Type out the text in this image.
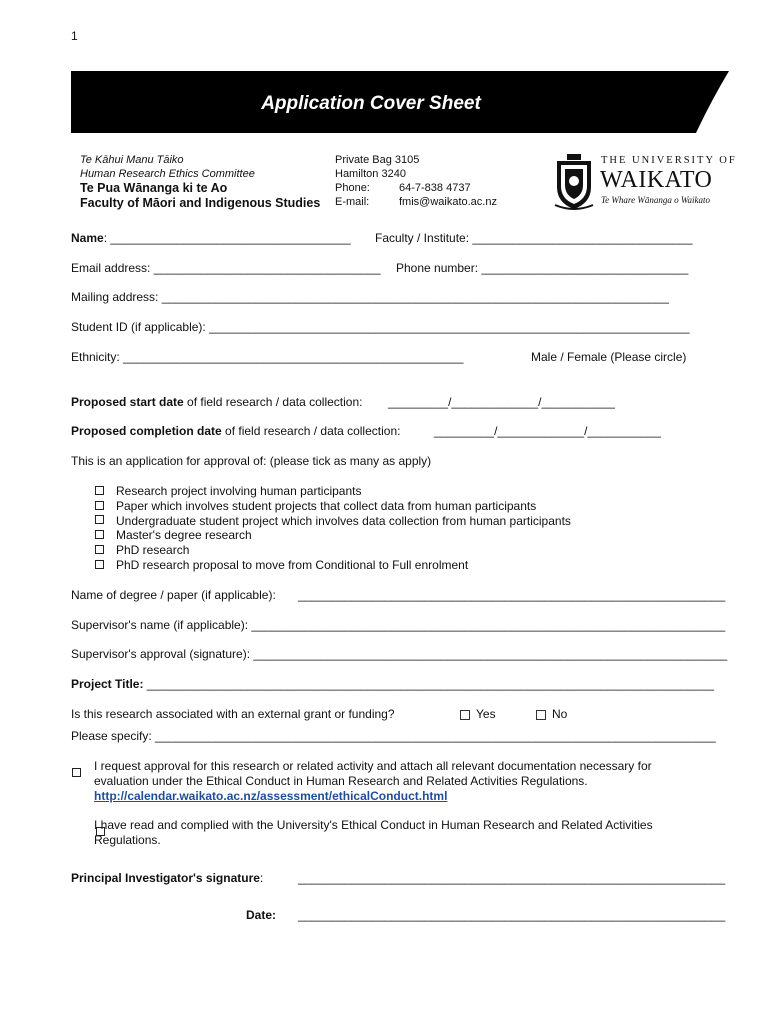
1
Application Cover Sheet
Te Kāhui Manu Tāiko
Human Research Ethics Committee
Te Pua Wānanga ki te Ao
Faculty of Māori and Indigenous Studies
Private Bag 3105
Hamilton 3240
Phone:	64-7-838 4737
E-mail:	fmis@waikato.ac.nz
THE UNIVERSITY OF
WAIKATO
Te Whare Wānanga o Waikato
Name: ____________________________________ Faculty / Institute: _________________________________
Email address: __________________________________ Phone number: _______________________________
Mailing address: ____________________________________________________________________________
Student ID (if applicable): ________________________________________________________________________
Ethnicity: ___________________________________________________	Male / Female (Please circle)
Proposed start date of field research / data collection: _________/_____________/___________
Proposed completion date of field research / data collection:	_________/_____________/___________
This is an application for approval of: (please tick as many as apply)
Research project involving human participants
Paper which involves student projects that collect data from human participants
Undergraduate student project which involves data collection from human participants
Master's degree research
PhD research
PhD research proposal to move from Conditional to Full enrolment
Name of degree / paper (if applicable): ________________________________________________________________
Supervisor's name (if applicable): _______________________________________________________________________
Supervisor's approval (signature): _______________________________________________________________________
Project Title: _____________________________________________________________________________________
Is this research associated with an external grant or funding?	Yes	No
Please specify: ____________________________________________________________________________________

I request approval for this research or related activity and attach all relevant documentation necessary for evaluation under the Ethical Conduct in Human Research and Related Activities Regulations.
http://calendar.waikato.ac.nz/assessment/ethicalConduct.html
I have read and complied with the University's Ethical Conduct in Human Research and Related Activities Regulations.
Principal Investigator's signature:	________________________________________________________________
Date: ________________________________________________________________
